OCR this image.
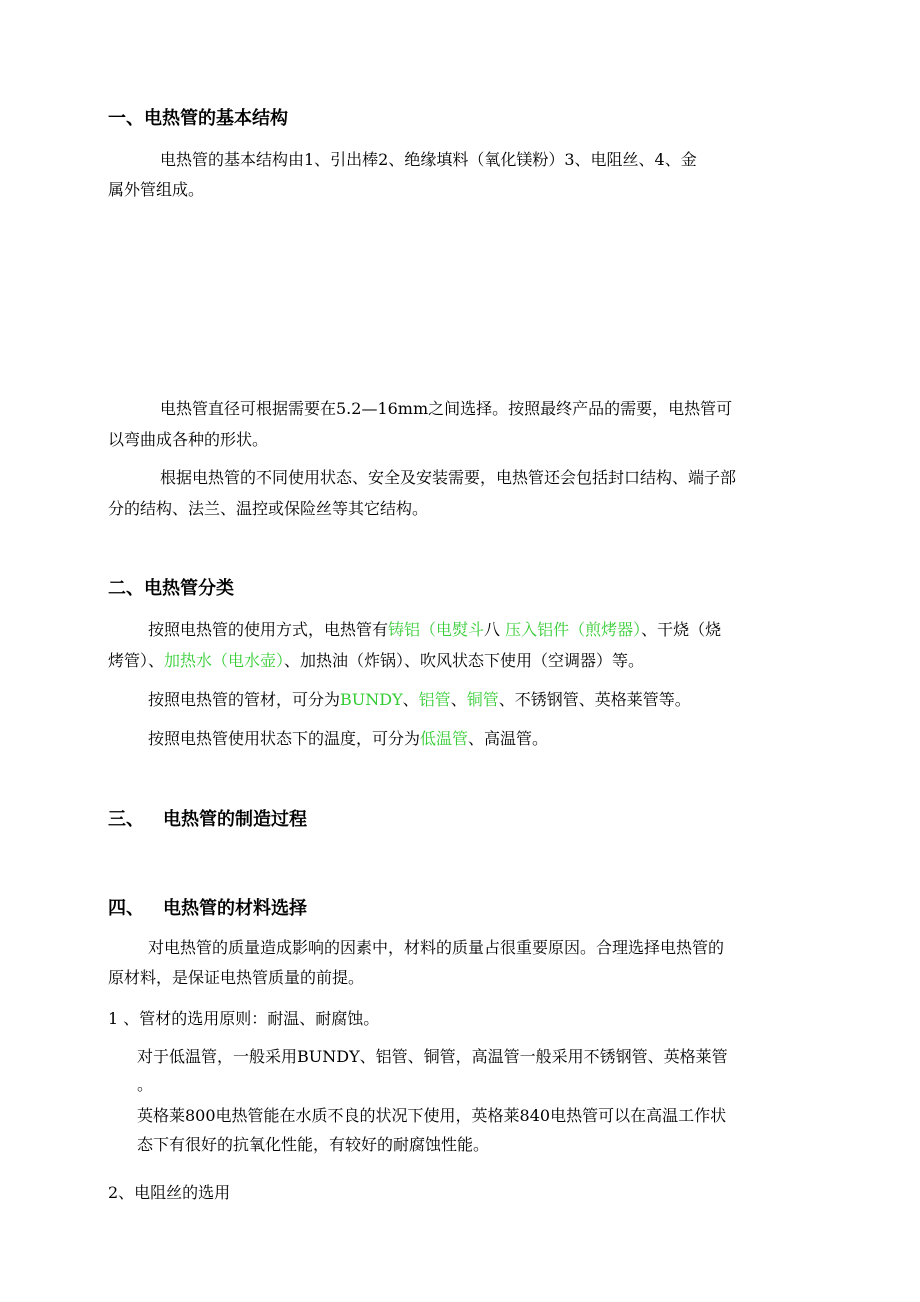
一、电热管的基本结构
电热管的基本结构由1、引出棒2、绝缘填料（氧化镁粉）3、电阻丝、4、金
属外管组成。
电热管直径可根据需要在5.2—16mm之间选择。按照最终产品的需要，电热管可
以弯曲成各种的形状。
根据电热管的不同使用状态、安全及安装需要，电热管还会包括封口结构、端子部
分的结构、法兰、温控或保险丝等其它结构。
二、电热管分类
按照电热管的使用方式，电热管有铸铝（电熨斗八 压入铝件（煎烤器）、干烧（烧
烤管）、加热水（电水壶）、加热油（炸锅）、吹风状态下使用（空调器）等。
按照电热管的管材，可分为BUNDY、铝管、铜管、不锈钢管、英格莱管等。
按照电热管使用状态下的温度，可分为低温管、高温管。
三、 电热管的制造过程
四、 电热管的材料选择
对电热管的质量造成影响的因素中，材料的质量占很重要原因。合理选择电热管的
原材料，是保证电热管质量的前提。
1 、管材的选用原则：耐温、耐腐蚀。
对于低温管，一般采用BUNDY、铝管、铜管，高温管一般采用不锈钢管、英格莱管
。
英格莱800电热管能在水质不良的状况下使用，英格莱840电热管可以在高温工作状
态下有很好的抗氧化性能，有较好的耐腐蚀性能。
2、电阻丝的选用
